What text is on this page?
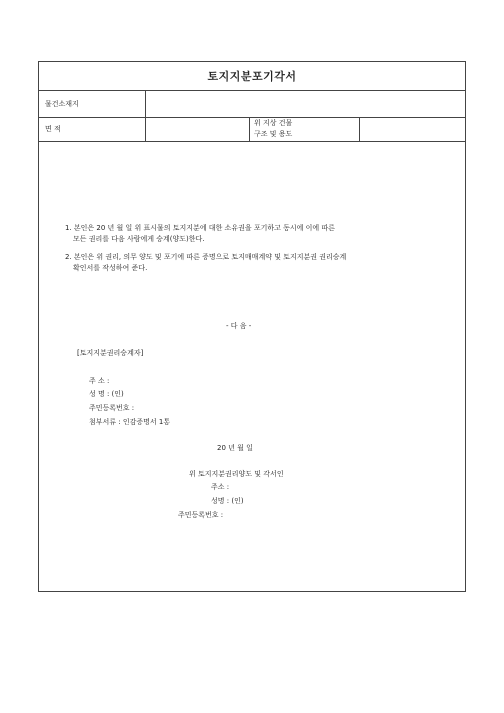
토지지분포기각서
물건소재지
면 적
위 지상 건물
구조 및 용도
1. 본인은 20 년 월 일 위 표시물의 토지지분에 대한 소유권을 포기하고 동시에 이에 따른
모든 권리를 다음 사람에게 승계(양도)한다.
2. 본인은 위 권리, 의무 양도 및 포기에 따른 증명으로 토지매매계약 및 토지지분권 권리승계
확인서를 작성하여 준다.
- 다 음 -
[토지지분권리승계자]
주 소 :
성 명 : (인)
주민등록번호 :
첨부서류 : 인감증명서 1통
20 년 월 일
위 토지지분권리양도 및 각서인
주소 :
성명 : (인)
주민등록번호 :
